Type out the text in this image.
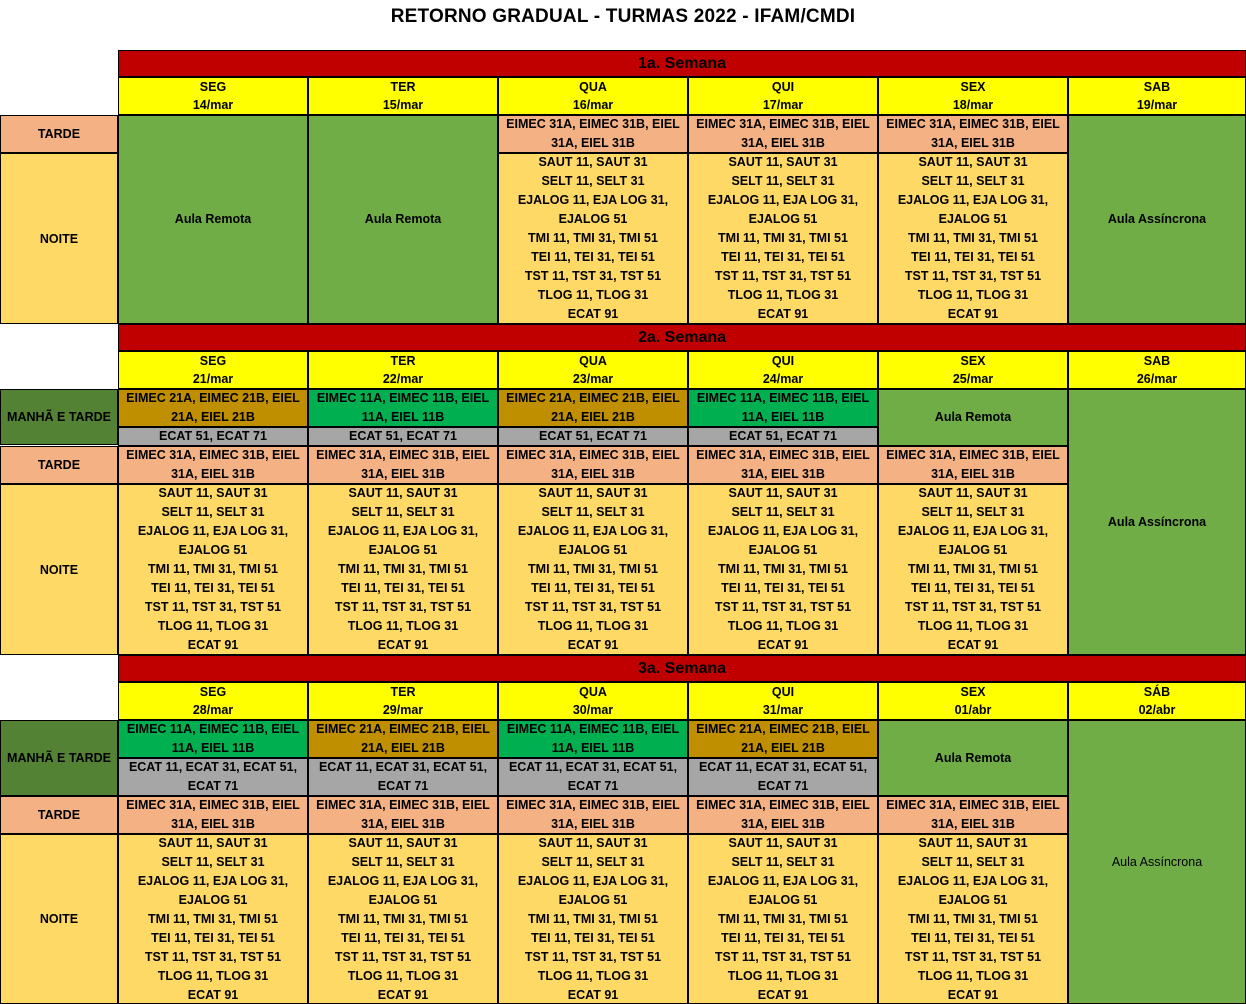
RETORNO GRADUAL - TURMAS 2022 - IFAM/CMDI
1a. Semana
SEG
14/mar
TER
15/mar
QUA
16/mar
QUI
17/mar
SEX
18/mar
SAB
19/mar
TARDE
NOITE
Aula Remota	Aula Remota
EIMEC 31A, EIMEC 31B, EIEL 31A, EIEL 31B
SAUT 11, SAUT 31
SELT 11, SELT 31
EJALOG 11, EJA LOG 31,
EJALOG 51
TMI 11, TMI 31, TMI 51
TEI 11, TEI 31, TEI 51
TST 11, TST 31, TST 51
TLOG 11, TLOG 31
ECAT 91
EIMEC 31A, EIMEC 31B, EIEL 31A, EIEL 31B
SAUT 11, SAUT 31
SELT 11, SELT 31
EJALOG 11, EJA LOG 31,
EJALOG 51
TMI 11, TMI 31, TMI 51
TEI 11, TEI 31, TEI 51
TST 11, TST 31, TST 51
TLOG 11, TLOG 31
ECAT 91
EIMEC 31A, EIMEC 31B, EIEL 31A, EIEL 31B
SAUT 11, SAUT 31
SELT 11, SELT 31
EJALOG 11, EJA LOG 31,
EJALOG 51
TMI 11, TMI 31, TMI 51
TEI 11, TEI 31, TEI 51
TST 11, TST 31, TST 51
TLOG 11, TLOG 31
ECAT 91
Aula Assíncrona
2a. Semana
SEG
21/mar
TER
22/mar
QUA
23/mar
QUI
24/mar
SEX
25/mar
SAB
26/mar
MANHÃ E TARDE
TARDE
NOITE
EIMEC 21A, EIMEC 21B, EIEL 21A, EIEL 21B
ECAT 51, ECAT 71
EIMEC 11A, EIMEC 11B, EIEL 11A, EIEL 11B
ECAT 51, ECAT 71
EIMEC 21A, EIMEC 21B, EIEL 21A, EIEL 21B
ECAT 51, ECAT 71
EIMEC 11A, EIMEC 11B, EIEL 11A, EIEL 11B
ECAT 51, ECAT 71
Aula Remota
EIMEC 31A, EIMEC 31B, EIEL 31A, EIEL 31B
SAUT 11, SAUT 31
SELT 11, SELT 31
EJALOG 11, EJA LOG 31,
EJALOG 51
TMI 11, TMI 31, TMI 51
TEI 11, TEI 31, TEI 51
TST 11, TST 31, TST 51
TLOG 11, TLOG 31
ECAT 91
EIMEC 31A, EIMEC 31B, EIEL 31A, EIEL 31B
SAUT 11, SAUT 31
SELT 11, SELT 31
EJALOG 11, EJA LOG 31,
EJALOG 51
TMI 11, TMI 31, TMI 51
TEI 11, TEI 31, TEI 51
TST 11, TST 31, TST 51
TLOG 11, TLOG 31
ECAT 91
EIMEC 31A, EIMEC 31B, EIEL 31A, EIEL 31B
SAUT 11, SAUT 31
SELT 11, SELT 31
EJALOG 11, EJA LOG 31,
EJALOG 51
TMI 11, TMI 31, TMI 51
TEI 11, TEI 31, TEI 51
TST 11, TST 31, TST 51
TLOG 11, TLOG 31
ECAT 91
EIMEC 31A, EIMEC 31B, EIEL 31A, EIEL 31B
SAUT 11, SAUT 31
SELT 11, SELT 31
EJALOG 11, EJA LOG 31,
EJALOG 51
TMI 11, TMI 31, TMI 51
TEI 11, TEI 31, TEI 51
TST 11, TST 31, TST 51
TLOG 11, TLOG 31
ECAT 91
EIMEC 31A, EIMEC 31B, EIEL 31A, EIEL 31B
SAUT 11, SAUT 31
SELT 11, SELT 31
EJALOG 11, EJA LOG 31,
EJALOG 51
TMI 11, TMI 31, TMI 51
TEI 11, TEI 31, TEI 51
TST 11, TST 31, TST 51
TLOG 11, TLOG 31
ECAT 91
Aula Assíncrona
3a. Semana
SEG
28/mar
TER
29/mar
QUA
30/mar
QUI
31/mar
SEX
01/abr
SÁB
02/abr
MANHÃ E TARDE
TARDE
NOITE
EIMEC 11A, EIMEC 11B, EIEL 11A, EIEL 11B
ECAT 11, ECAT 31, ECAT 51, ECAT 71
EIMEC 21A, EIMEC 21B, EIEL 21A, EIEL 21B
ECAT 11, ECAT 31, ECAT 51, ECAT 71
EIMEC 11A, EIMEC 11B, EIEL 11A, EIEL 11B
ECAT 11, ECAT 31, ECAT 51, ECAT 71
EIMEC 21A, EIMEC 21B, EIEL 21A, EIEL 21B
ECAT 11, ECAT 31, ECAT 51, ECAT 71
Aula Remota
EIMEC 31A, EIMEC 31B, EIEL 31A, EIEL 31B
SAUT 11, SAUT 31
SELT 11, SELT 31
EJALOG 11, EJA LOG 31,
EJALOG 51
TMI 11, TMI 31, TMI 51
TEI 11, TEI 31, TEI 51
TST 11, TST 31, TST 51
TLOG 11, TLOG 31
ECAT 91
EIMEC 31A, EIMEC 31B, EIEL 31A, EIEL 31B
SAUT 11, SAUT 31
SELT 11, SELT 31
EJALOG 11, EJA LOG 31,
EJALOG 51
TMI 11, TMI 31, TMI 51
TEI 11, TEI 31, TEI 51
TST 11, TST 31, TST 51
TLOG 11, TLOG 31
ECAT 91
EIMEC 31A, EIMEC 31B, EIEL 31A, EIEL 31B
SAUT 11, SAUT 31
SELT 11, SELT 31
EJALOG 11, EJA LOG 31,
EJALOG 51
TMI 11, TMI 31, TMI 51
TEI 11, TEI 31, TEI 51
TST 11, TST 31, TST 51
TLOG 11, TLOG 31
ECAT 91
EIMEC 31A, EIMEC 31B, EIEL 31A, EIEL 31B
SAUT 11, SAUT 31
SELT 11, SELT 31
EJALOG 11, EJA LOG 31,
EJALOG 51
TMI 11, TMI 31, TMI 51
TEI 11, TEI 31, TEI 51
TST 11, TST 31, TST 51
TLOG 11, TLOG 31
ECAT 91
EIMEC 31A, EIMEC 31B, EIEL 31A, EIEL 31B
SAUT 11, SAUT 31
SELT 11, SELT 31
EJALOG 11, EJA LOG 31,
EJALOG 51
TMI 11, TMI 31, TMI 51
TEI 11, TEI 31, TEI 51
TST 11, TST 31, TST 51
TLOG 11, TLOG 31
ECAT 91
Aula Assíncrona
